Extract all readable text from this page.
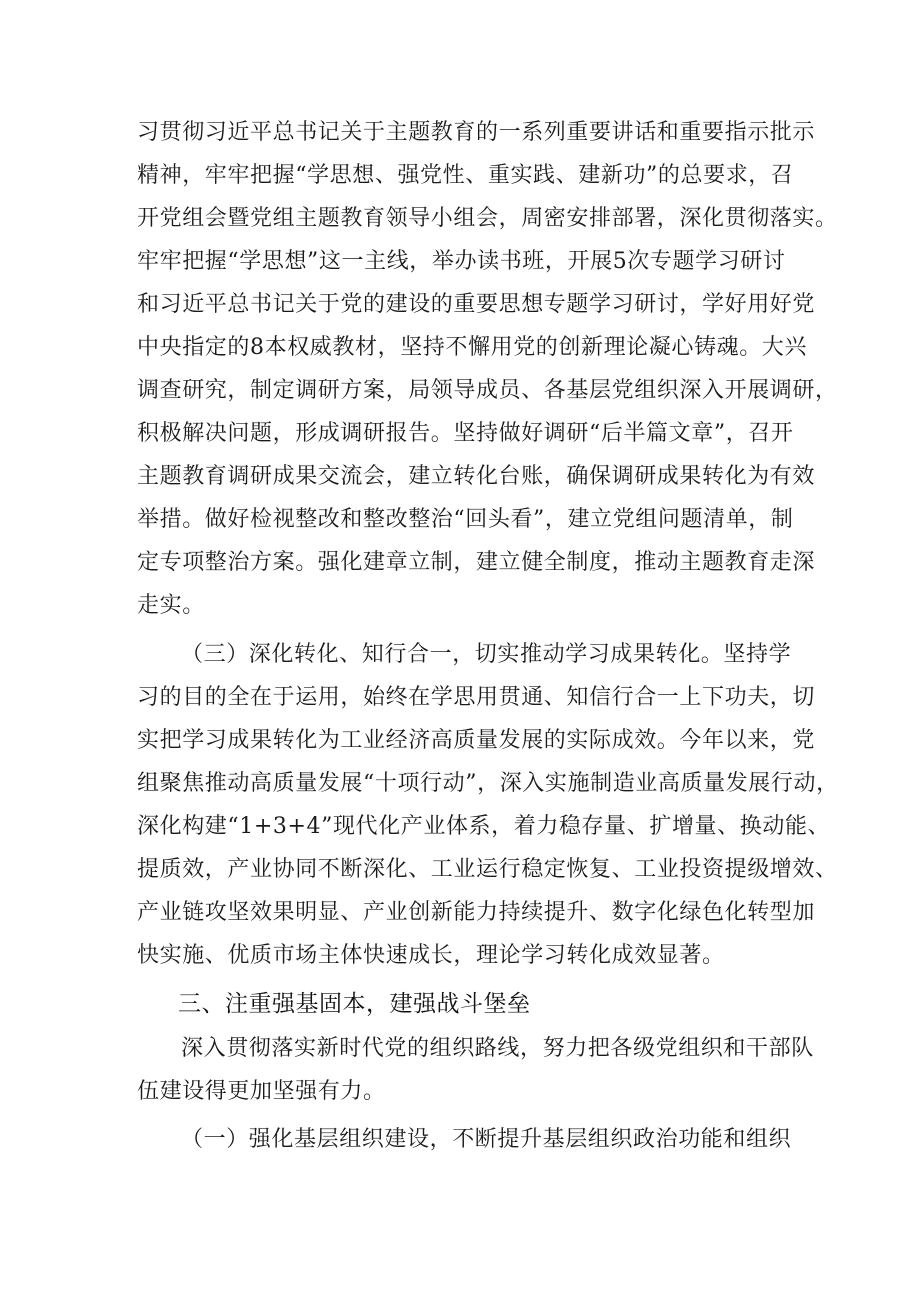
习贯彻习近平总书记关于主题教育的一系列重要讲话和重要指示批示
精神，牢牢把握“学思想、强党性、重实践、建新功”的总要求，召
开党组会暨党组主题教育领导小组会，周密安排部署，深化贯彻落实。
牢牢把握“学思想”这一主线，举办读书班，开展5次专题学习研讨
和习近平总书记关于党的建设的重要思想专题学习研讨，学好用好党
中央指定的8本权威教材，坚持不懈用党的创新理论凝心铸魂。大兴
调查研究，制定调研方案，局领导成员、各基层党组织深入开展调研，
积极解决问题，形成调研报告。坚持做好调研“后半篇文章”，召开
主题教育调研成果交流会，建立转化台账，确保调研成果转化为有效
举措。做好检视整改和整改整治“回头看”，建立党组问题清单，制
定专项整治方案。强化建章立制，建立健全制度，推动主题教育走深
走实。
（三）深化转化、知行合一，切实推动学习成果转化。坚持学
习的目的全在于运用，始终在学思用贯通、知信行合一上下功夫，切
实把学习成果转化为工业经济高质量发展的实际成效。今年以来，党
组聚焦推动高质量发展“十项行动”，深入实施制造业高质量发展行动，
深化构建“1+3+4”现代化产业体系，着力稳存量、扩增量、换动能、
提质效，产业协同不断深化、工业运行稳定恢复、工业投资提级增效、
产业链攻坚效果明显、产业创新能力持续提升、数字化绿色化转型加
快实施、优质市场主体快速成长，理论学习转化成效显著。
三、注重强基固本，建强战斗堡垒
深入贯彻落实新时代党的组织路线，努力把各级党组织和干部队
伍建设得更加坚强有力。
（一）强化基层组织建设，不断提升基层组织政治功能和组织
